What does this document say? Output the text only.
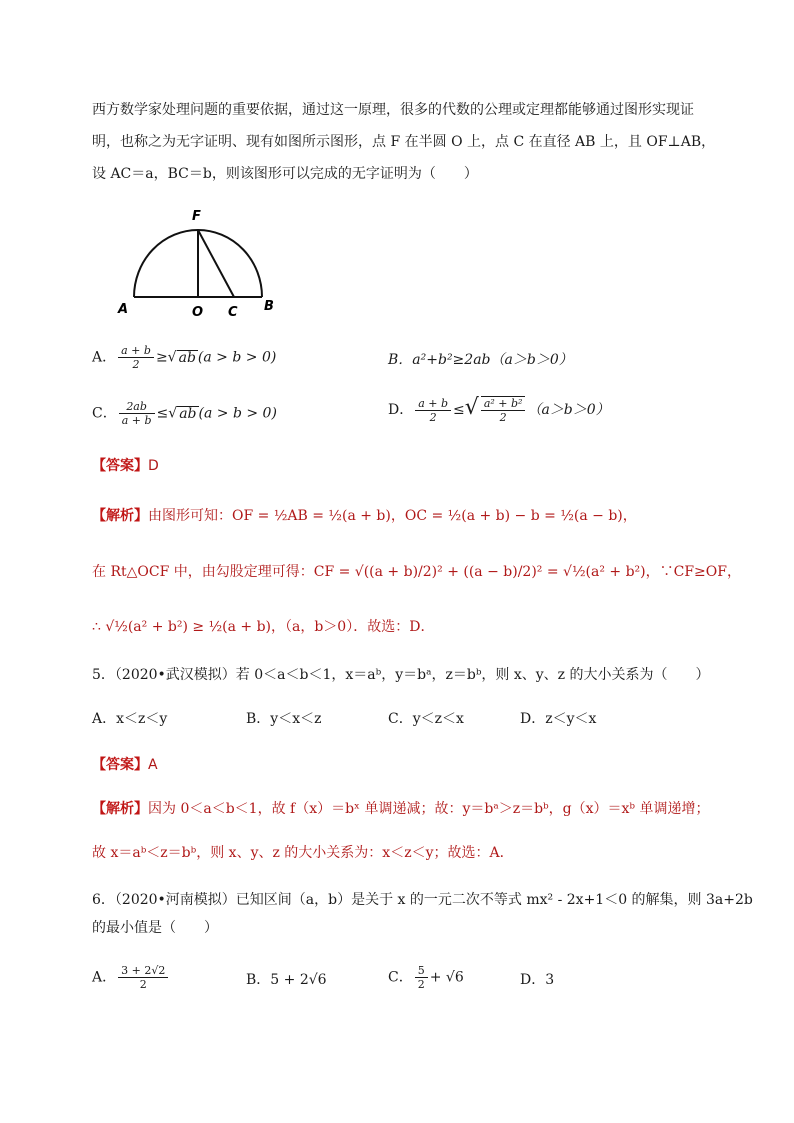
西方数学家处理问题的重要依据，通过这一原理，很多的代数的公理或定理都能够通过图形实现证
明，也称之为无字证明、现有如图所示图形，点 F 在半圆 O 上，点 C 在直径 AB 上，且 OF⊥AB，
设 AC＝a，BC＝b，则该图形可以完成的无字证明为（　　）
F
A	O C B
A． $\frac{a + b}{2}$ ≥√ ab (a > b > 0)	B．a²+b²≥2ab（a＞b＞0）
C． $\frac{2ab}{a + b}$ ≤√ ab (a > b > 0)	D． $\frac{a + b}{2}$ ≤√ $\frac{\text{a² + b²}}{2} (a>b>0)$
【答案】D
【解析】由图形可知：OF = ½AB = ½(a + b)，OC = ½(a + b) − b = ½(a − b)，
在 Rt△OCF 中，由勾股定理可得：CF = √((a + b)/2)² + ((a − b)/2)² = √½(a² + b²)，∵CF≥OF，
∴ √½(a² + b²) ≥ ½(a + b)，（a，b＞0）．故选：D．
5．（2020•武汉模拟）若 0＜a＜b＜1，x＝aᵇ，y＝bᵃ，z＝bᵇ，则 x、y、z 的大小关系为（　　）
A．x＜z＜y	B．y＜x＜z	C．y＜z＜x	D．z＜y＜x
【答案】A
【解析】因为 0＜a＜b＜1，故 f（x）＝bˣ 单调递减；故：y＝bᵃ＞z＝bᵇ，g（x）＝xᵇ 单调递增；
故 x＝aᵇ＜z＝bᵇ，则 x、y、z 的大小关系为：x＜z＜y；故选：A．
6．（2020•河南模拟）已知区间（a，b）是关于 x 的一元二次不等式 mx² - 2x+1＜0 的解集，则 3a+2b
的最小值是（　　）
A． $\frac{3 + 2√2}{2}$	B．5 + 2√6	C． $\frac{5}{2} + √6$	D．3
